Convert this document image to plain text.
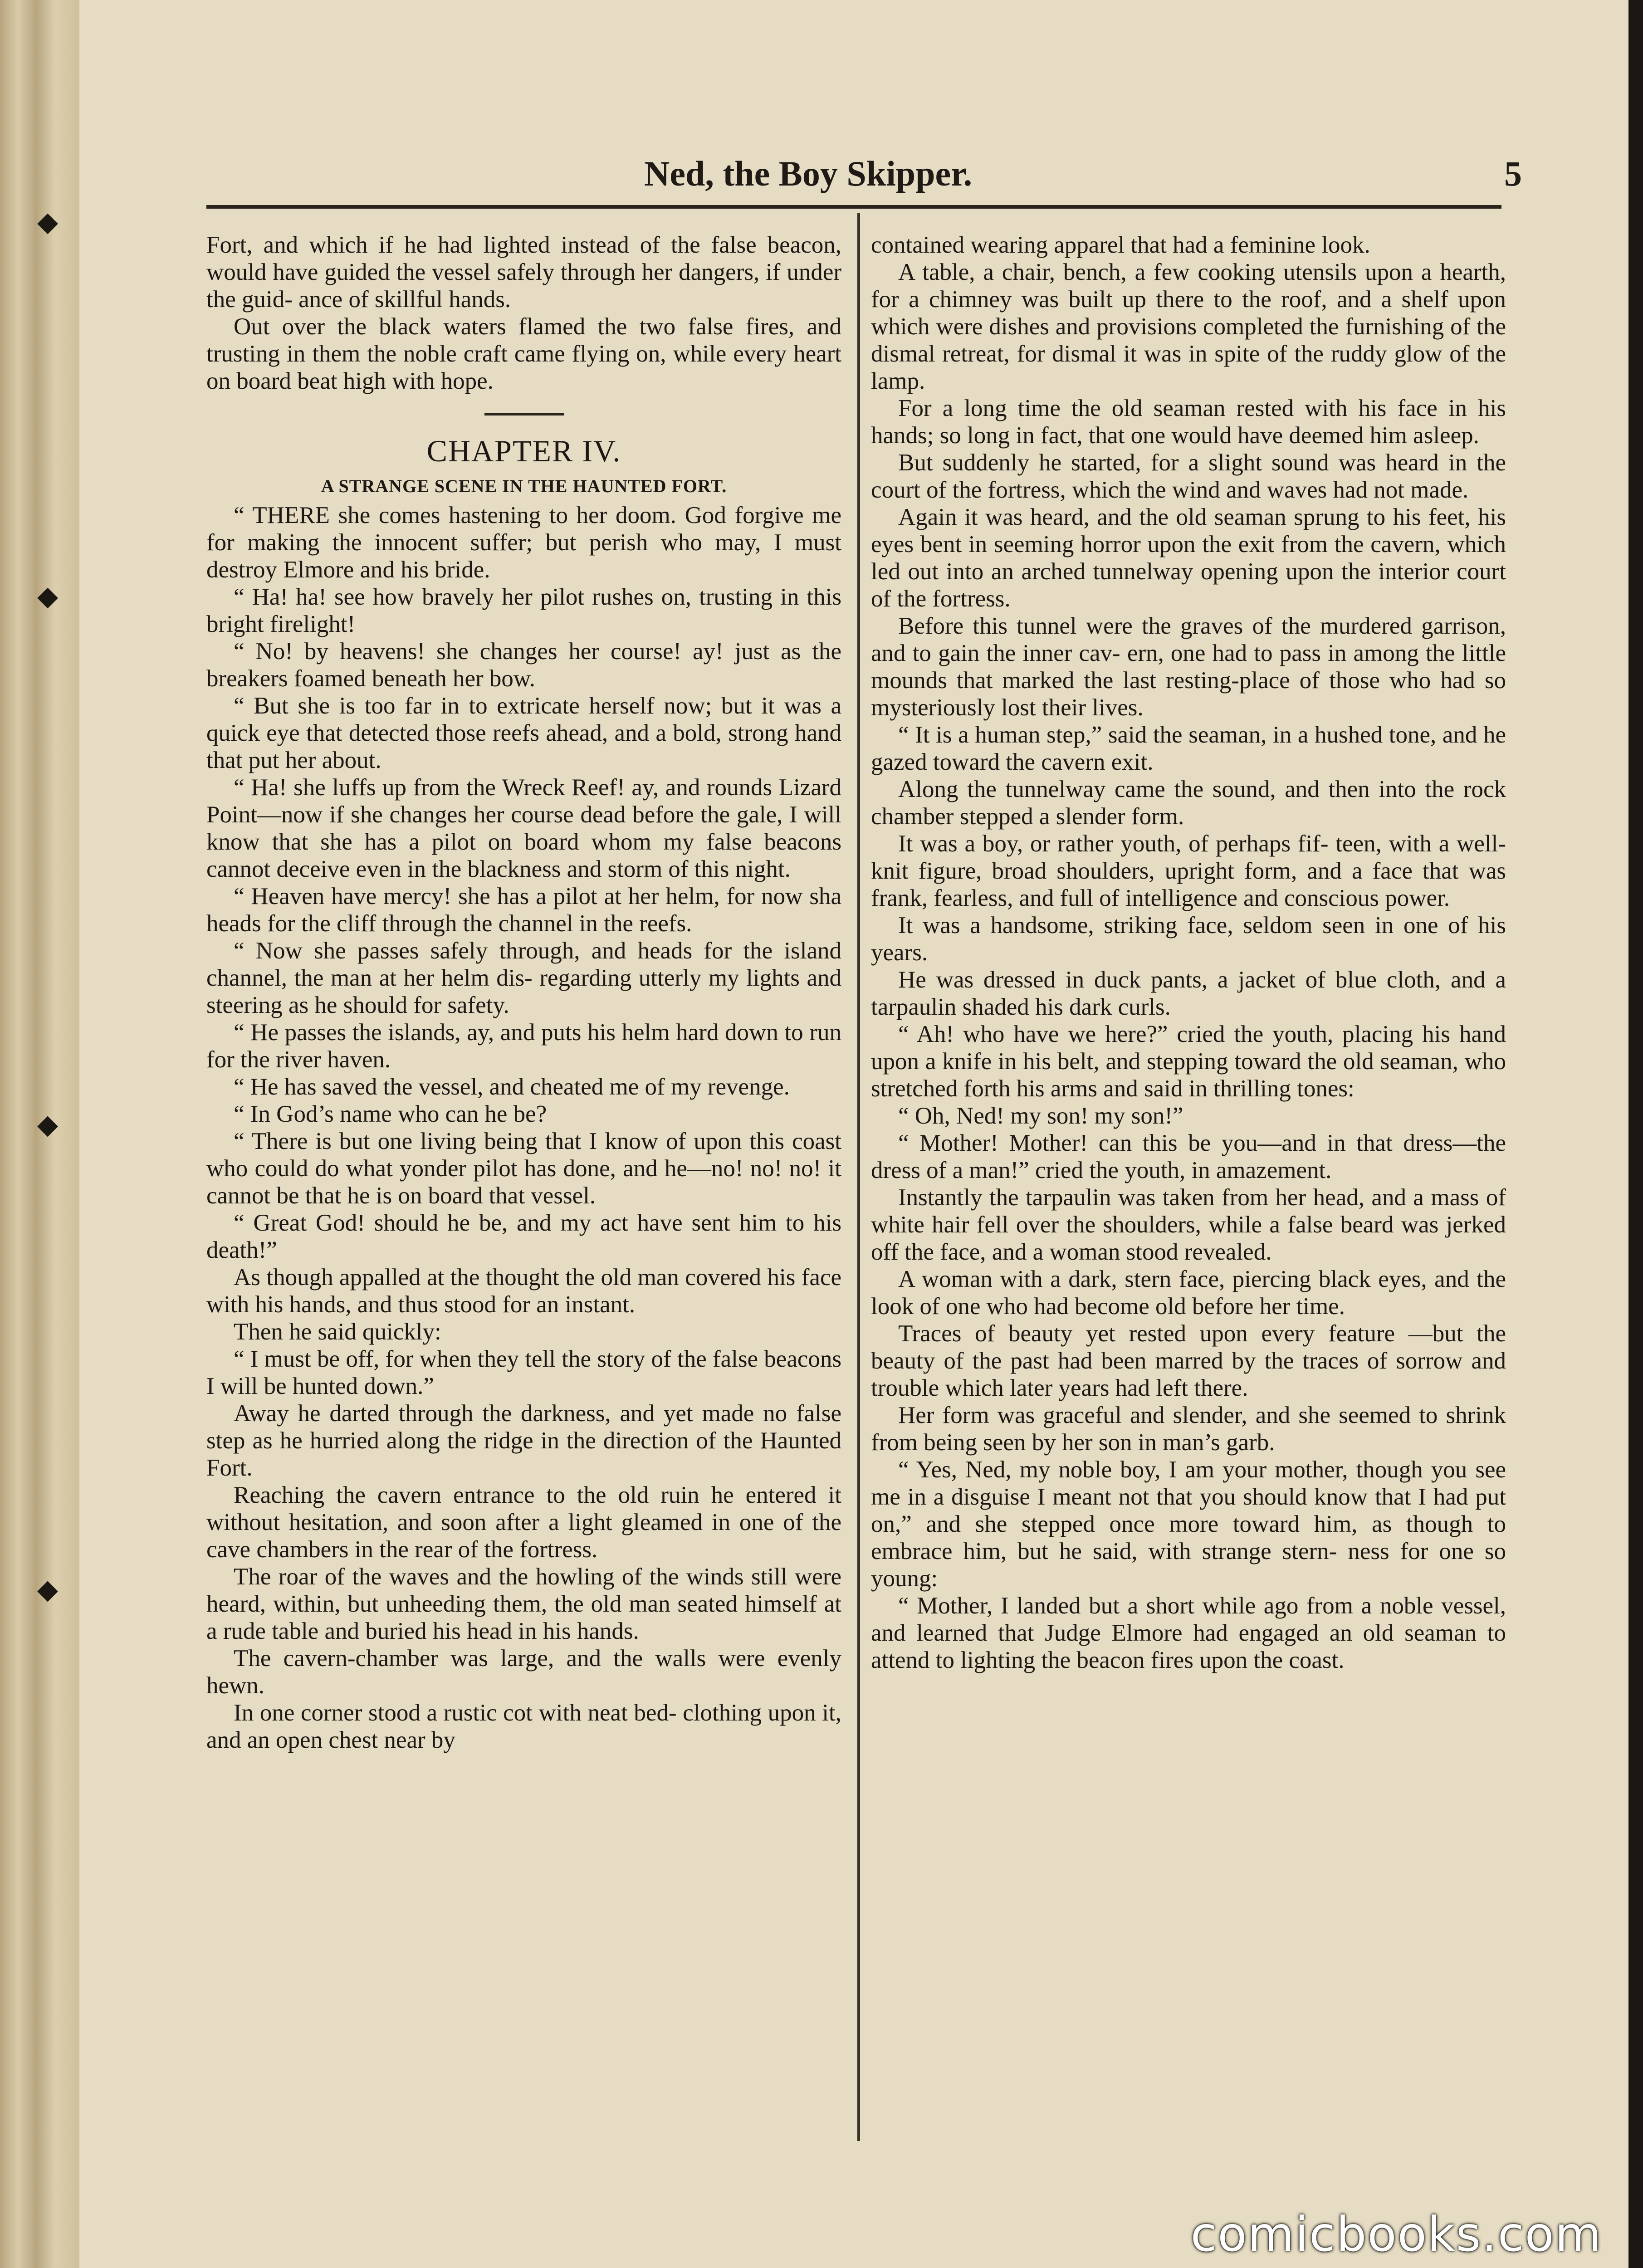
◆
◆
◆
◆
Ned, the Boy Skipper.	5

Fort, and which if he had lighted instead of the false beacon, would have guided the vessel safely through her dangers, if under the guid- ance of skillful hands.

Out over the black waters flamed the two false fires, and trusting in them the noble craft came flying on, while every heart on board beat high with hope.

CHAPTER IV.

A STRANGE SCENE IN THE HAUNTED FORT.

“ THERE she comes hastening to her doom. God forgive me for making the innocent suffer; but perish who may, I must destroy Elmore and his bride.

“ Ha! ha! see how bravely her pilot rushes on, trusting in this bright firelight!

“ No! by heavens! she changes her course! ay! just as the breakers foamed beneath her bow.

“ But she is too far in to extricate herself now; but it was a quick eye that detected those reefs ahead, and a bold, strong hand that put her about.

“ Ha! she luffs up from the Wreck Reef! ay, and rounds Lizard Point—now if she changes her course dead before the gale, I will know that she has a pilot on board whom my false beacons cannot deceive even in the blackness and storm of this night.

“ Heaven have mercy! she has a pilot at her helm, for now sha heads for the cliff through the channel in the reefs.

“ Now she passes safely through, and heads for the island channel, the man at her helm dis- regarding utterly my lights and steering as he should for safety.

“ He passes the islands, ay, and puts his helm hard down to run for the river haven.

“ He has saved the vessel, and cheated me of my revenge.

“ In God’s name who can he be?

“ There is but one living being that I know of upon this coast who could do what yonder pilot has done, and he—no! no! no! it cannot be that he is on board that vessel.

“ Great God! should he be, and my act have sent him to his death!”

As though appalled at the thought the old man covered his face with his hands, and thus stood for an instant.

Then he said quickly:

“ I must be off, for when they tell the story of the false beacons I will be hunted down.”

Away he darted through the darkness, and yet made no false step as he hurried along the ridge in the direction of the Haunted Fort.

Reaching the cavern entrance to the old ruin he entered it without hesitation, and soon after a light gleamed in one of the cave chambers in the rear of the fortress.

The roar of the waves and the howling of the winds still were heard, within, but unheeding them, the old man seated himself at a rude table and buried his head in his hands.

The cavern-chamber was large, and the walls were evenly hewn.

In one corner stood a rustic cot with neat bed- clothing upon it, and an open chest near by

contained wearing apparel that had a feminine look.

A table, a chair, bench, a few cooking utensils upon a hearth, for a chimney was built up there to the roof, and a shelf upon which were dishes and provisions completed the furnishing of the dismal retreat, for dismal it was in spite of the ruddy glow of the lamp.

For a long time the old seaman rested with his face in his hands; so long in fact, that one would have deemed him asleep.

But suddenly he started, for a slight sound was heard in the court of the fortress, which the wind and waves had not made.

Again it was heard, and the old seaman sprung to his feet, his eyes bent in seeming horror upon the exit from the cavern, which led out into an arched tunnelway opening upon the interior court of the fortress.

Before this tunnel were the graves of the murdered garrison, and to gain the inner cav- ern, one had to pass in among the little mounds that marked the last resting-place of those who had so mysteriously lost their lives.

“ It is a human step,” said the seaman, in a hushed tone, and he gazed toward the cavern exit.

Along the tunnelway came the sound, and then into the rock chamber stepped a slender form.

It was a boy, or rather youth, of perhaps fif- teen, with a well-knit figure, broad shoulders, upright form, and a face that was frank, fearless, and full of intelligence and conscious power.

It was a handsome, striking face, seldom seen in one of his years.

He was dressed in duck pants, a jacket of blue cloth, and a tarpaulin shaded his dark curls.

“ Ah! who have we here?” cried the youth, placing his hand upon a knife in his belt, and stepping toward the old seaman, who stretched forth his arms and said in thrilling tones:

“ Oh, Ned! my son! my son!”

“ Mother! Mother! can this be you—and in that dress—the dress of a man!” cried the youth, in amazement.

Instantly the tarpaulin was taken from her head, and a mass of white hair fell over the shoulders, while a false beard was jerked off the face, and a woman stood revealed.

A woman with a dark, stern face, piercing black eyes, and the look of one who had become old before her time.

Traces of beauty yet rested upon every feature —but the beauty of the past had been marred by the traces of sorrow and trouble which later years had left there.

Her form was graceful and slender, and she seemed to shrink from being seen by her son in man’s garb.

“ Yes, Ned, my noble boy, I am your mother, though you see me in a disguise I meant not that you should know that I had put on,” and she stepped once more toward him, as though to embrace him, but he said, with strange stern- ness for one so young:

“ Mother, I landed but a short while ago from a noble vessel, and learned that Judge Elmore had engaged an old seaman to attend to lighting the beacon fires upon the coast.

comicbooks.com
